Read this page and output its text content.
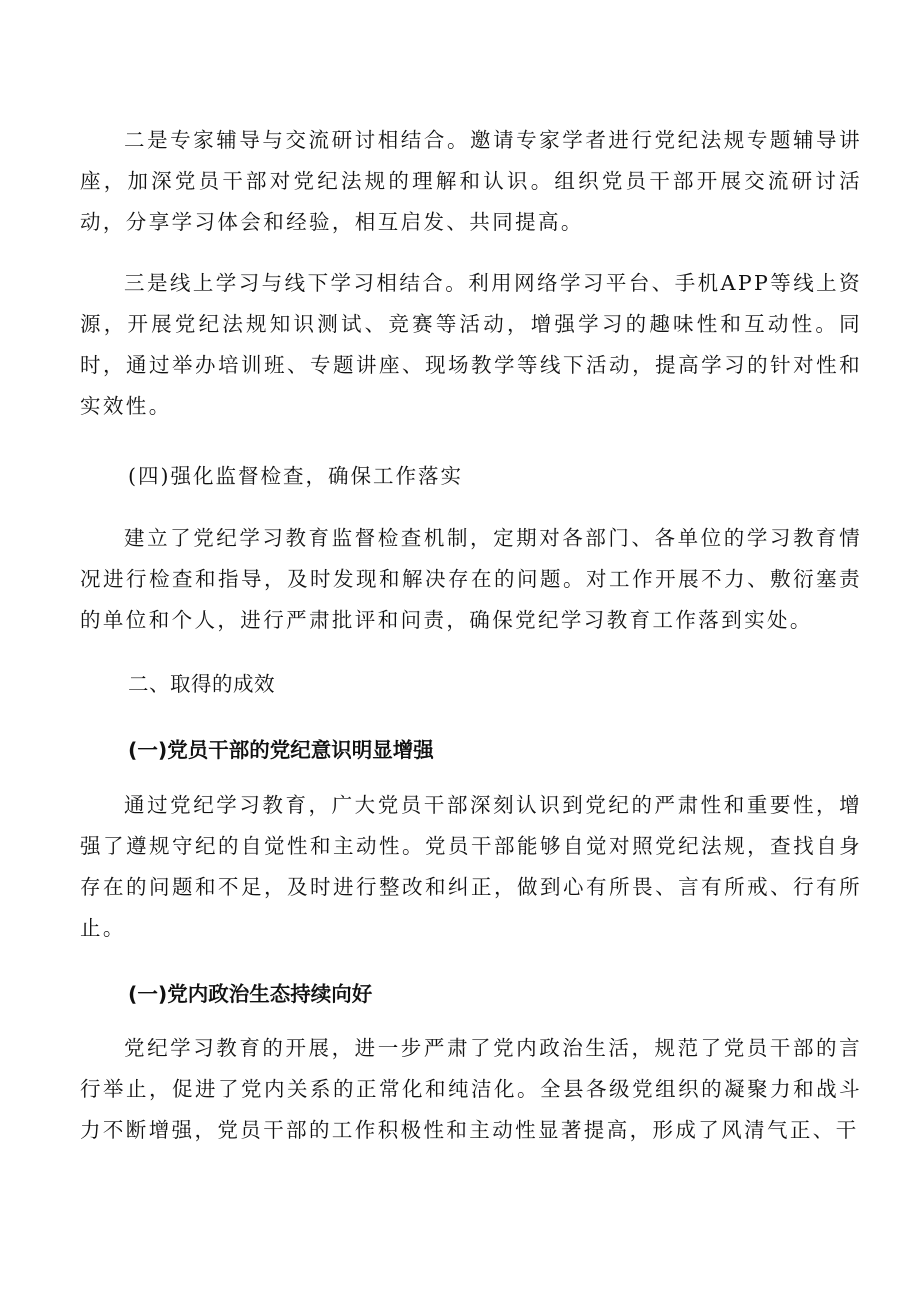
二是专家辅导与交流研讨相结合。邀请专家学者进行党纪法规专题辅导讲座，加深党员干部对党纪法规的理解和认识。组织党员干部开展交流研讨活动，分享学习体会和经验，相互启发、共同提高。

三是线上学习与线下学习相结合。利用网络学习平台、手机APP等线上资源，开展党纪法规知识测试、竞赛等活动，增强学习的趣味性和互动性。同时，通过举办培训班、专题讲座、现场教学等线下活动，提高学习的针对性和实效性。

(四)强化监督检查，确保工作落实

建立了党纪学习教育监督检查机制，定期对各部门、各单位的学习教育情况进行检查和指导，及时发现和解决存在的问题。对工作开展不力、敷衍塞责的单位和个人，进行严肃批评和问责，确保党纪学习教育工作落到实处。

二、取得的成效

(一)党员干部的党纪意识明显增强

通过党纪学习教育，广大党员干部深刻认识到党纪的严肃性和重要性，增强了遵规守纪的自觉性和主动性。党员干部能够自觉对照党纪法规，查找自身存在的问题和不足，及时进行整改和纠正，做到心有所畏、言有所戒、行有所止。

(一)党内政治生态持续向好

党纪学习教育的开展，进一步严肃了党内政治生活，规范了党员干部的言行举止，促进了党内关系的正常化和纯洁化。全县各级党组织的凝聚力和战斗力不断增强，党员干部的工作积极性和主动性显著提高，形成了风清气正、干
